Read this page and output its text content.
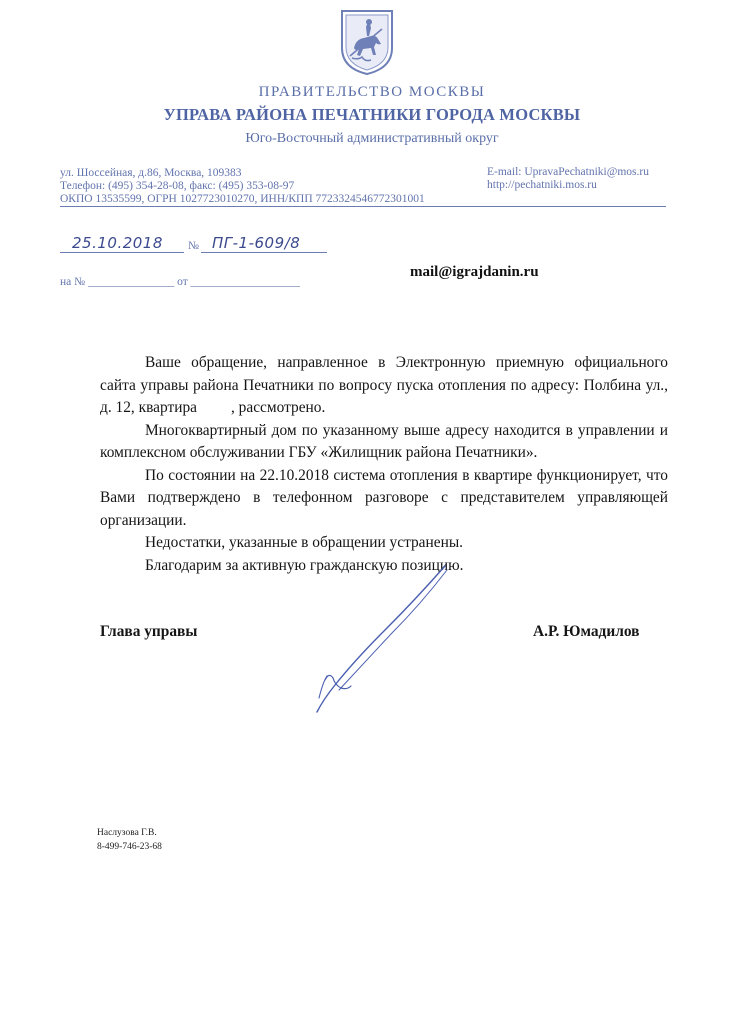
ПРАВИТЕЛЬСТВО МОСКВЫ
УПРАВА РАЙОНА ПЕЧАТНИКИ ГОРОДА МОСКВЫ
Юго-Восточный административный округ
ул. Шоссейная, д.86, Москва, 109383
Телефон: (495) 354-28-08, факс: (495) 353-08-97
ОКПО 13535599, ОГРН 1027723010270, ИНН/КПП 7723324546772301001
E-mail: UpravaPechatniki@mos.ru
http://pechatniki.mos.ru
25.10.2018 № ПГ-1-609/8
на № _______________ от ___________________
mail@igrajdanin.ru

Ваше обращение, направленное в Электронную приемную официального сайта управы района Печатники по вопросу пуска отопления по адресу: Полбина ул., д. 12, квартира , рассмотрено.

Многоквартирный дом по указанному выше адресу находится в управлении и комплексном обслуживании ГБУ «Жилищник района Печатники».

По состоянии на 22.10.2018 система отопления в квартире функционирует, что Вами подтверждено в телефонном разговоре с представителем управляющей организации.

Недостатки, указанные в обращении устранены.

Благодарим за активную гражданскую позицию.

Глава управы	А.Р. Юмадилов
Наслузова Г.В.
8-499-746-23-68
